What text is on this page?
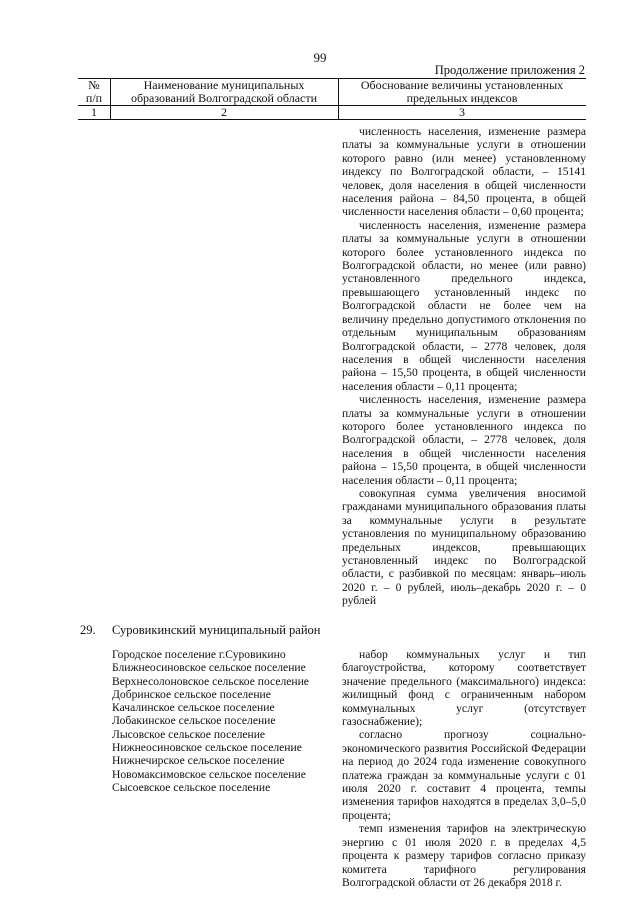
99
Продолжение приложения 2
№
п/п
Наименование муниципальных
образований Волгоградской области
Обоснование величины установленных
предельных индексов
1	2	3

численность населения, изменение размера платы за коммунальные услуги в отношении которого равно (или менее) установленному индексу по Волгоградской области, – 15141 человек, доля населения в общей численности населения района – 84,50 процента, в общей численности населения области – 0,60 процента;

численность населения, изменение размера платы за коммунальные услуги в отношении которого более установленного индекса по Волгоградской области, но менее (или равно) установленного предельного индекса, превышающего установленный индекс по Волгоградской области не более чем на величину предельно допустимого отклонения по отдельным муниципальным образованиям Волгоградской области, – 2778 человек, доля населения в общей численности населения района – 15,50 процента, в общей численности населения области – 0,11 процента;

численность населения, изменение размера платы за коммунальные услуги в отношении которого более установленного индекса по Волгоградской области, – 2778 человек, доля населения в общей численности населения района – 15,50 процента, в общей численности населения области – 0,11 процента;

совокупная сумма увеличения вносимой гражданами муниципального образования платы за коммунальные услуги в результате установления по муниципальному образованию предельных индексов, превышающих установленный индекс по Волгоградской области, с разбивкой по месяцам: январь–июль 2020 г. – 0 рублей, июль–декабрь 2020 г. – 0 рублей

29. Суровикинский муниципальный район
Городское поселение г.Суровикино
Ближнеосиновское сельское поселение
Верхнесолоновское сельское поселение
Добринское сельское поселение
Качалинское сельское поселение
Лобакинское сельское поселение
Лысовское сельское поселение
Нижнеосиновское сельское поселение
Нижнечирское сельское поселение
Новомаксимовское сельское поселение
Сысоевское сельское поселение

набор коммунальных услуг и тип благоустройства, которому соответствует значение предельного (максимального) индекса: жилищный фонд с ограниченным набором коммунальных услуг (отсутствует газоснабжение);

согласно прогнозу социально-экономического развития Российской Федерации на период до 2024 года изменение совокупного платежа граждан за коммунальные услуги с 01 июля 2020 г. составит 4 процента, темпы изменения тарифов находятся в пределах 3,0–5,0 процента;

темп изменения тарифов на электрическую энергию с 01 июля 2020 г. в пределах 4,5 процента к размеру тарифов согласно приказу комитета тарифного регулирования Волгоградской области от 26 декабря 2018 г.
